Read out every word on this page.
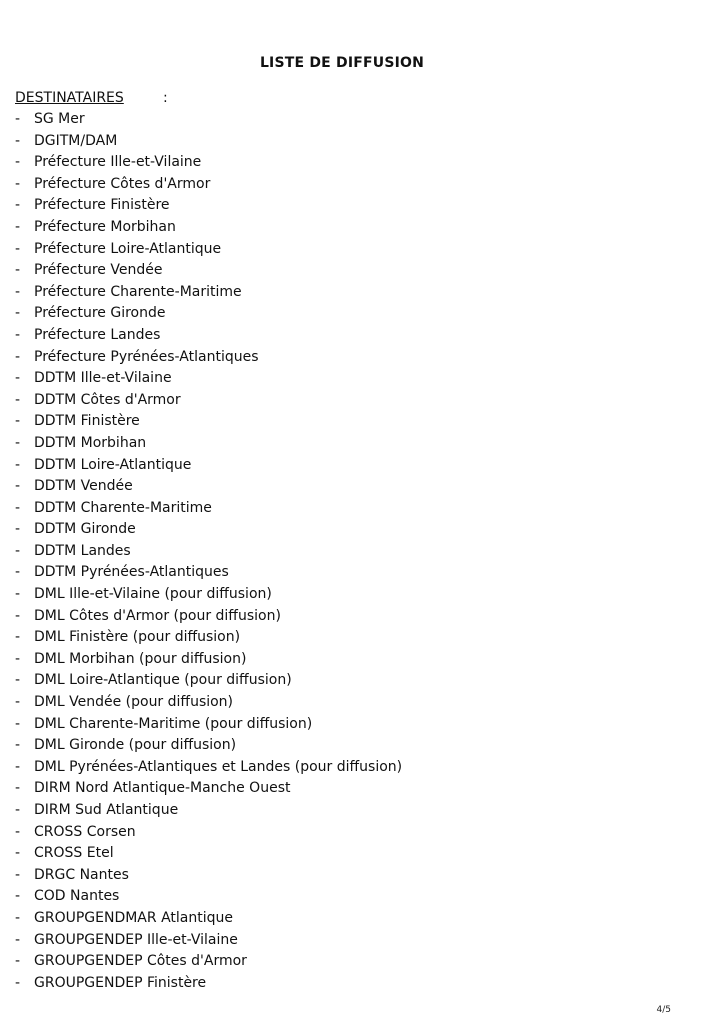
LISTE DE DIFFUSION
DESTINATAIRES	:
- SG Mer
- DGITM/DAM
- Préfecture Ille-et-Vilaine
- Préfecture Côtes d'Armor
- Préfecture Finistère
- Préfecture Morbihan
- Préfecture Loire-Atlantique
- Préfecture Vendée
- Préfecture Charente-Maritime
- Préfecture Gironde
- Préfecture Landes
- Préfecture Pyrénées-Atlantiques
- DDTM Ille-et-Vilaine
- DDTM Côtes d'Armor
- DDTM Finistère
- DDTM Morbihan
- DDTM Loire-Atlantique
- DDTM Vendée
- DDTM Charente-Maritime
- DDTM Gironde
- DDTM Landes
- DDTM Pyrénées-Atlantiques
- DML Ille-et-Vilaine (pour diffusion)
- DML Côtes d'Armor (pour diffusion)
- DML Finistère (pour diffusion)
- DML Morbihan (pour diffusion)
- DML Loire-Atlantique (pour diffusion)
- DML Vendée (pour diffusion)
- DML Charente-Maritime (pour diffusion)
- DML Gironde (pour diffusion)
- DML Pyrénées-Atlantiques et Landes (pour diffusion)
- DIRM Nord Atlantique-Manche Ouest
- DIRM Sud Atlantique
- CROSS Corsen
- CROSS Etel
- DRGC Nantes
- COD Nantes
- GROUPGENDMAR Atlantique
- GROUPGENDEP Ille-et-Vilaine
- GROUPGENDEP Côtes d'Armor
- GROUPGENDEP Finistère
4/5
